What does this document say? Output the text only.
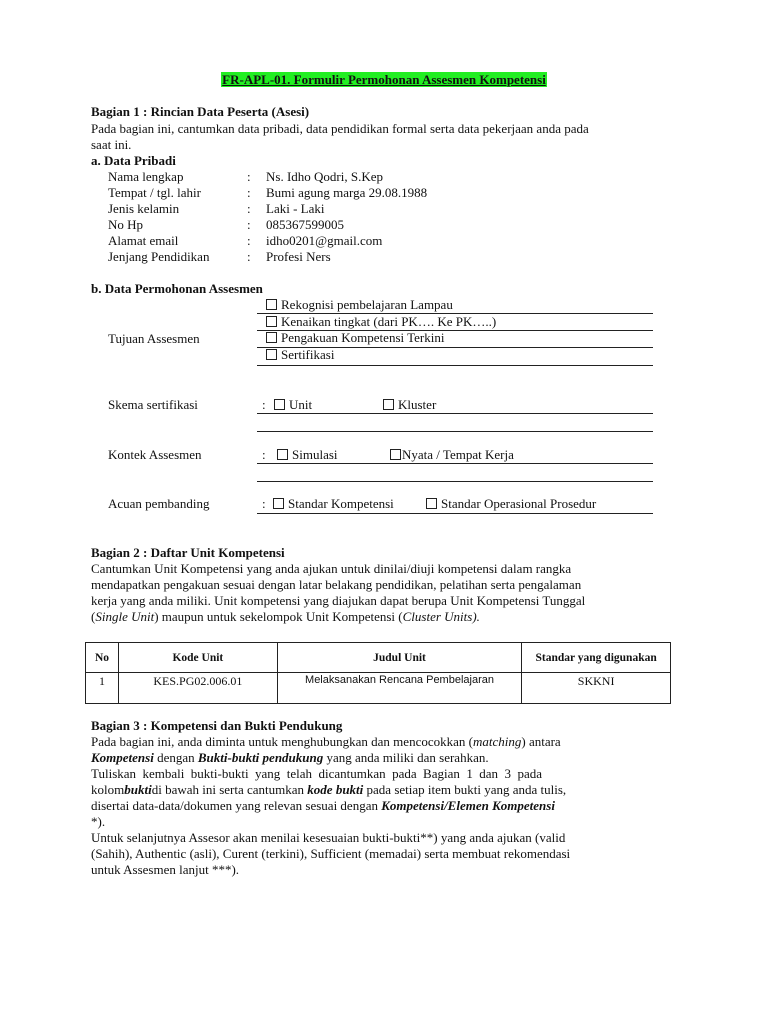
FR-APL-01. Formulir Permohonan Assesmen Kompetensi
Bagian 1 : Rincian Data Peserta (Asesi)
Pada bagian ini, cantumkan data pribadi, data pendidikan formal serta data pekerjaan anda pada
saat ini.
a. Data Pribadi
Nama lengkap	: Ns. Idho Qodri, S.Kep
Tempat / tgl. lahir	: Bumi agung marga 29.08.1988
Jenis kelamin	: Laki - Laki
No Hp	: 085367599005
Alamat email	: idho0201@gmail.com
Jenjang Pendidikan	: Profesi Ners
b. Data Permohonan Assesmen
Tujuan Assesmen
Rekognisi pembelajaran Lampau
Kenaikan tingkat (dari PK…. Ke PK…..)
Pengakuan Kompetensi Terkini
Sertifikasi
Skema sertifikasi	:	Unit	Kluster
Kontek Assesmen	:	Simulasi	Nyata / Tempat Kerja
Acuan pembanding	:	Standar Kompetensi	Standar Operasional Prosedur
Bagian 2 : Daftar Unit Kompetensi
Cantumkan Unit Kompetensi yang anda ajukan untuk dinilai/diuji kompetensi dalam rangka
mendapatkan pengakuan sesuai dengan latar belakang pendidikan, pelatihan serta pengalaman
kerja yang anda miliki. Unit kompetensi yang diajukan dapat berupa Unit Kompetensi Tunggal
(Single Unit) maupun untuk sekelompok Unit Kompetensi (Cluster Units).
No	Kode Unit	Judul Unit	Standar yang digunakan
1	KES.PG02.006.01	Melaksanakan Rencana Pembelajaran	SKKNI
Bagian 3 : Kompetensi dan Bukti Pendukung
Pada bagian ini, anda diminta untuk menghubungkan dan mencocokkan (matching) antara
Kompetensi dengan Bukti-bukti pendukung yang anda miliki dan serahkan.
Tuliskan kembali bukti-bukti yang telah dicantumkan pada Bagian 1 dan 3 pada
kolombuktidi bawah ini serta cantumkan kode bukti pada setiap item bukti yang anda tulis,
disertai data-data/dokumen yang relevan sesuai dengan Kompetensi/Elemen Kompetensi
*).
Untuk selanjutnya Assesor akan menilai kesesuaian bukti-bukti**) yang anda ajukan (valid
(Sahih), Authentic (asli), Curent (terkini), Sufficient (memadai) serta membuat rekomendasi
untuk Assesmen lanjut ***).
